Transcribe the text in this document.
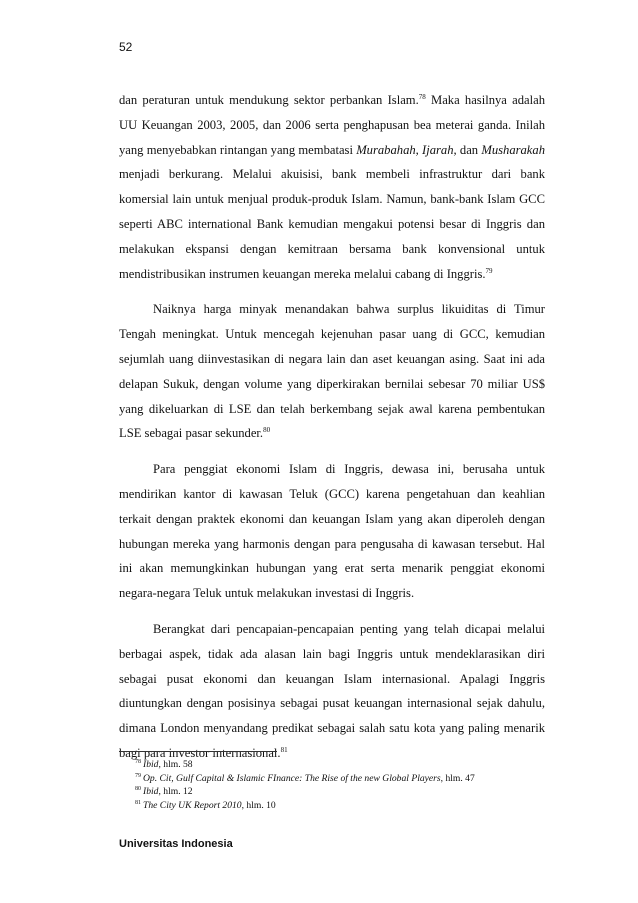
52

dan peraturan untuk mendukung sektor perbankan Islam.$^{78}$ Maka hasilnya adalah UU Keuangan 2003, 2005, dan 2006 serta penghapusan bea meterai ganda. Inilah yang menyebabkan rintangan yang membatasi Murabahah, Ijarah, dan Musharakah menjadi berkurang. Melalui akuisisi, bank membeli infrastruktur dari bank komersial lain untuk menjual produk-produk Islam. Namun, bank-bank Islam GCC seperti ABC international Bank kemudian mengakui potensi besar di Inggris dan melakukan ekspansi dengan kemitraan bersama bank konvensional untuk mendistribusikan instrumen keuangan mereka melalui cabang di Inggris.$^{79}$

Naiknya harga minyak menandakan bahwa surplus likuiditas di Timur Tengah meningkat. Untuk mencegah kejenuhan pasar uang di GCC, kemudian sejumlah uang diinvestasikan di negara lain dan aset keuangan asing. Saat ini ada delapan Sukuk, dengan volume yang diperkirakan bernilai sebesar 70 miliar US$ yang dikeluarkan di LSE dan telah berkembang sejak awal karena pembentukan LSE sebagai pasar sekunder.$^{80}$

Para penggiat ekonomi Islam di Inggris, dewasa ini, berusaha untuk mendirikan kantor di kawasan Teluk (GCC) karena pengetahuan dan keahlian terkait dengan praktek ekonomi dan keuangan Islam yang akan diperoleh dengan hubungan mereka yang harmonis dengan para pengusaha di kawasan tersebut. Hal ini akan memungkinkan hubungan yang erat serta menarik penggiat ekonomi negara-negara Teluk untuk melakukan investasi di Inggris.

Berangkat dari pencapaian-pencapaian penting yang telah dicapai melalui berbagai aspek, tidak ada alasan lain bagi Inggris untuk mendeklarasikan diri sebagai pusat ekonomi dan keuangan Islam internasional. Apalagi Inggris diuntungkan dengan posisinya sebagai pusat keuangan internasional sejak dahulu, dimana London menyandang predikat sebagai salah satu kota yang paling menarik bagi para investor internasional.$^{81}$

$^{78}$ Ibid, hlm. 58
$^{79}$ Op. Cit, Gulf Capital & Islamic FInance: The Rise of the new Global Players, hlm. 47
$^{80}$ Ibid, hlm. 12
$^{81}$ The City UK Report 2010, hlm. 10
Universitas Indonesia
